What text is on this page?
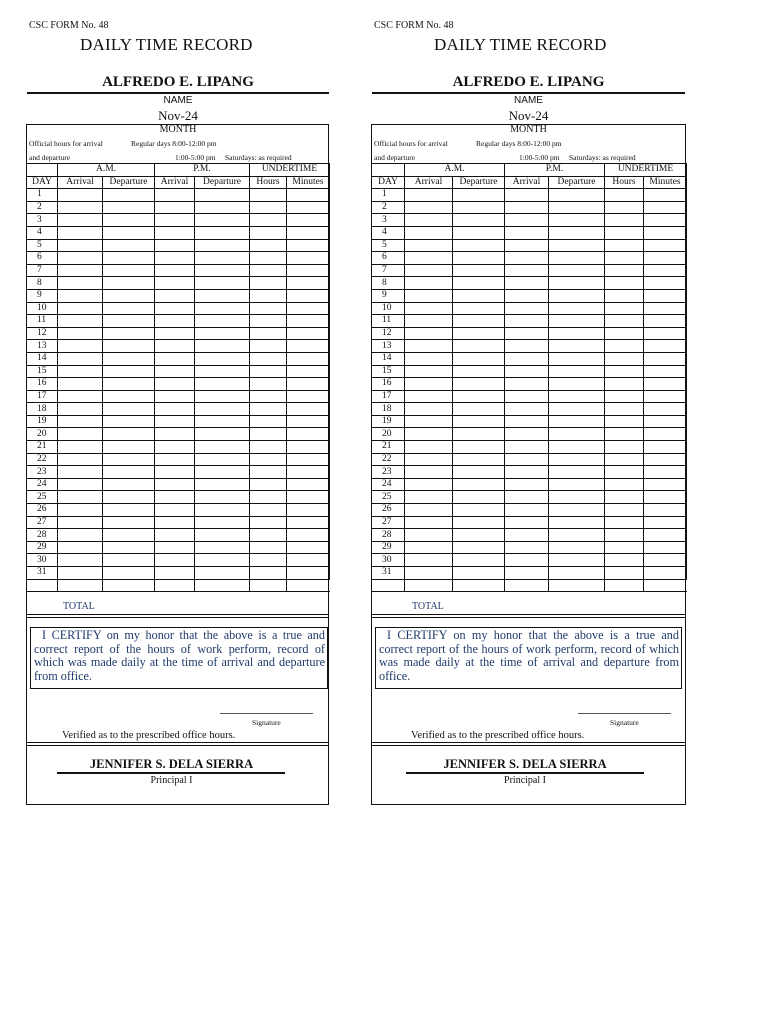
CSC FORM No. 48
DAILY TIME RECORD
ALFREDO E. LIPANG
NAME
Nov-24
MONTH
Official hours for arrival	Regular days 8:00-12:00 pm
and departure	1:00-5:00 pm Saturdays: as required
	A.M.		P.M.		UNDERTIME	
DAY	Arrival	Departure	Arrival	Departure	Hours	Minutes
1						
2						
3						
4						
5						
6						
7						
8						
9						
10						
11						
12						
13						
14						
15						
16						
17						
18						
19						
20						
21						
22						
23						
24						
25						
26						
27						
28						
29						
30						
31						

TOTAL
I CERTIFY on my honor that the above is a true and correct report of the hours of work perform, record of which was made daily at the time of arrival and departure from office.
Signature
Verified as to the prescribed office hours.
JENNIFER S. DELA SIERRA
Principal I
CSC FORM No. 48
DAILY TIME RECORD
ALFREDO E. LIPANG
NAME
Nov-24
MONTH
Official hours for arrival	Regular days 8:00-12:00 pm
and departure	1:00-5:00 pm Saturdays: as required
	A.M.		P.M.		UNDERTIME	
DAY	Arrival	Departure	Arrival	Departure	Hours	Minutes
1						
2						
3						
4						
5						
6						
7						
8						
9						
10						
11						
12						
13						
14						
15						
16						
17						
18						
19						
20						
21						
22						
23						
24						
25						
26						
27						
28						
29						
30						
31						

TOTAL
I CERTIFY on my honor that the above is a true and correct report of the hours of work perform, record of which was made daily at the time of arrival and departure from office.
Signature
Verified as to the prescribed office hours.
JENNIFER S. DELA SIERRA
Principal I
